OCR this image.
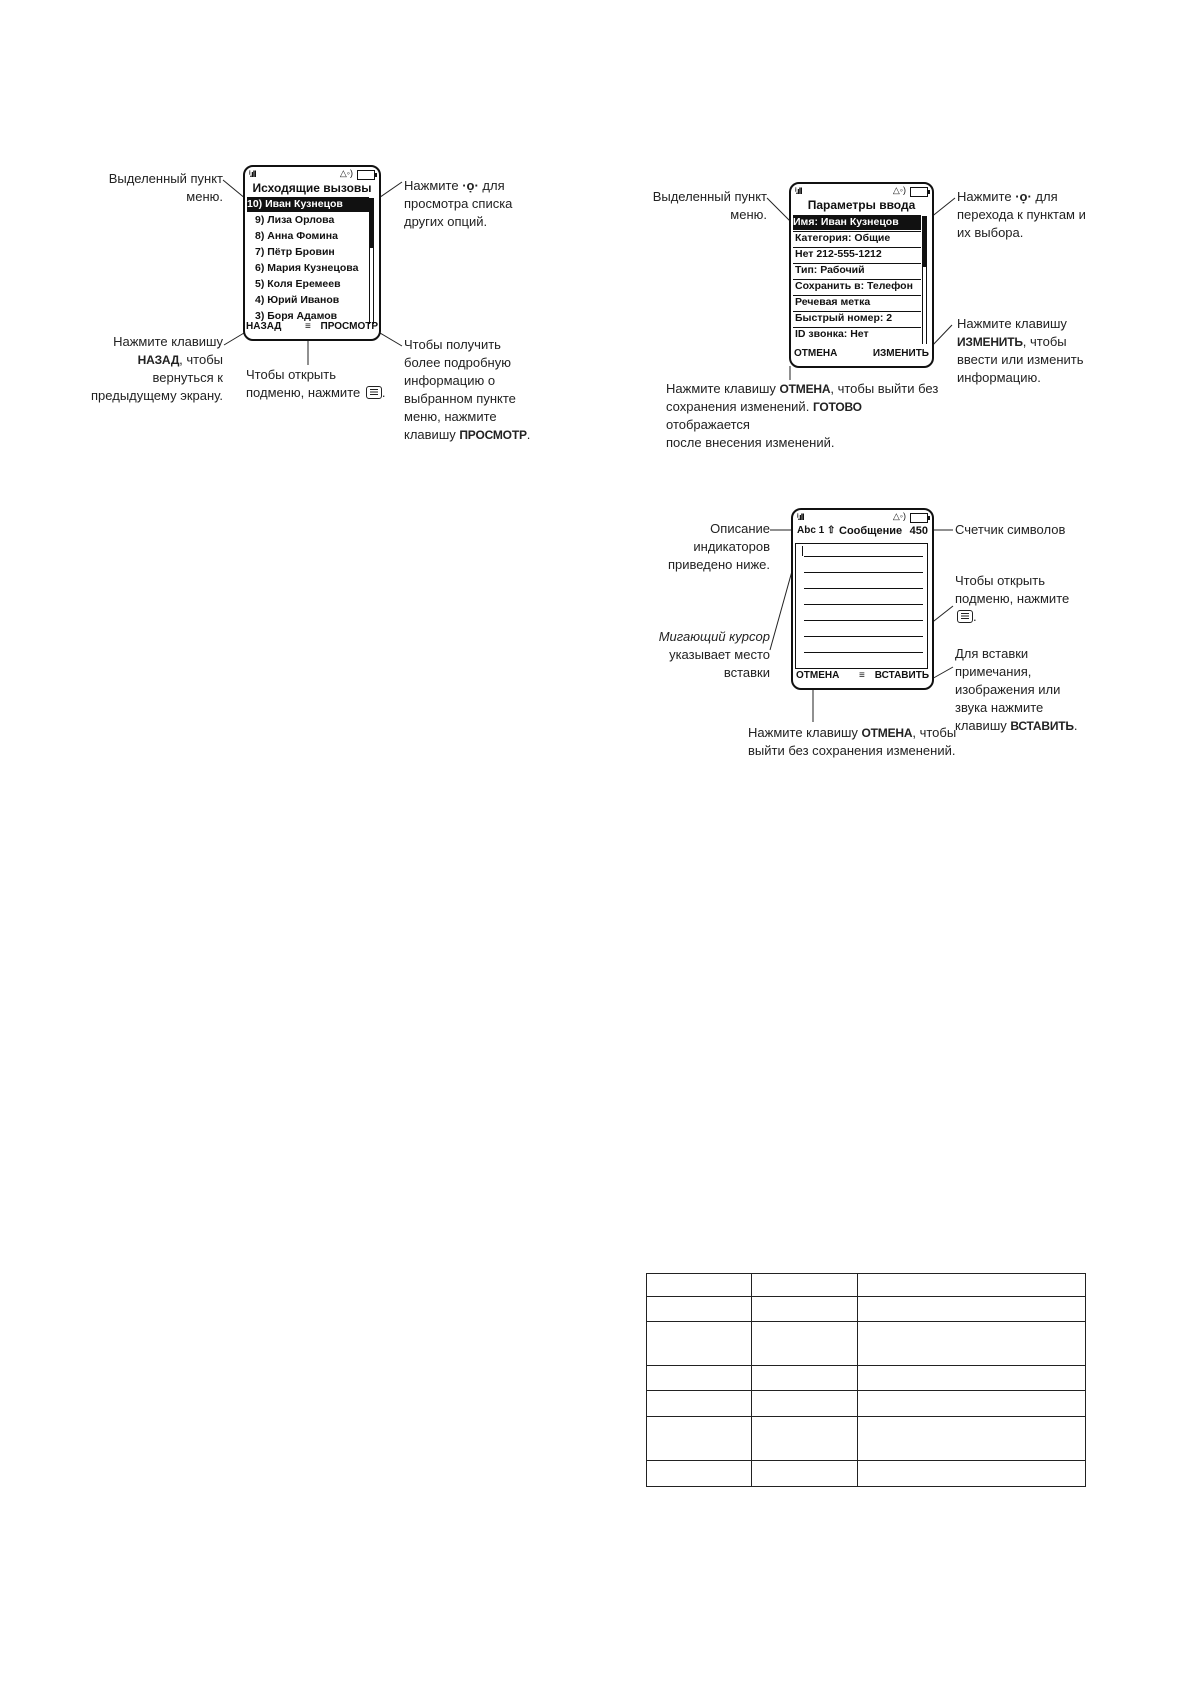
ⁱ.ıll	△◦)
Исходящие вызовы
10) Иван Кузнецов
9) Лиза Орлова
8) Анна Фомина
7) Пётр Бровин
6) Мария Кузнецова
5) Коля Еремеев
4) Юрий Иванов
3) Боря Адамов
НАЗАД ≡ ПРОСМОТР
Выделенный пункт
меню.
Нажмите ·ọ· для
просмотра списка
других опций.
Нажмите клавишу
НАЗАД, чтобы
вернуться к
предыдущему экрану.
Чтобы открыть
подменю, нажмите .
Чтобы получить
более подробную
информацию о
выбранном пункте
меню, нажмите
клавишу ПРОСМОТР.
ⁱ.ıll	△◦)
Параметры ввода
Имя: Иван Кузнецов
Категория: Общие
Нет 212-555-1212
Тип: Рабочий
Сохранить в: Телефон
Речевая метка
Быстрый номер: 2
ID звонка: Нет
ОТМЕНА	ИЗМЕНИТЬ
Выделенный пункт
меню.
Нажмите ·ọ· для
перехода к пунктам и
их выбора.
Нажмите клавишу
ИЗМЕНИТЬ, чтобы
ввести или изменить
информацию.
Нажмите клавишу ОТМЕНА, чтобы выйти без
сохранения изменений. ГОТОВО отображается
после внесения изменений.
ⁱ.ıll	△◦)
Abc 1 ⇧ Сообщение 450
ОТМЕНА ≡ ВСТАВИТЬ
Описание
индикаторов
приведено ниже.
Мигающий курсор
указывает место
вставки
Счетчик символов
Чтобы открыть
подменю, нажмите
.
Для вставки
примечания,
изображения или
звука нажмите
клавишу ВСТАВИТЬ.
Нажмите клавишу ОТМЕНА, чтобы
выйти без сохранения изменений.
